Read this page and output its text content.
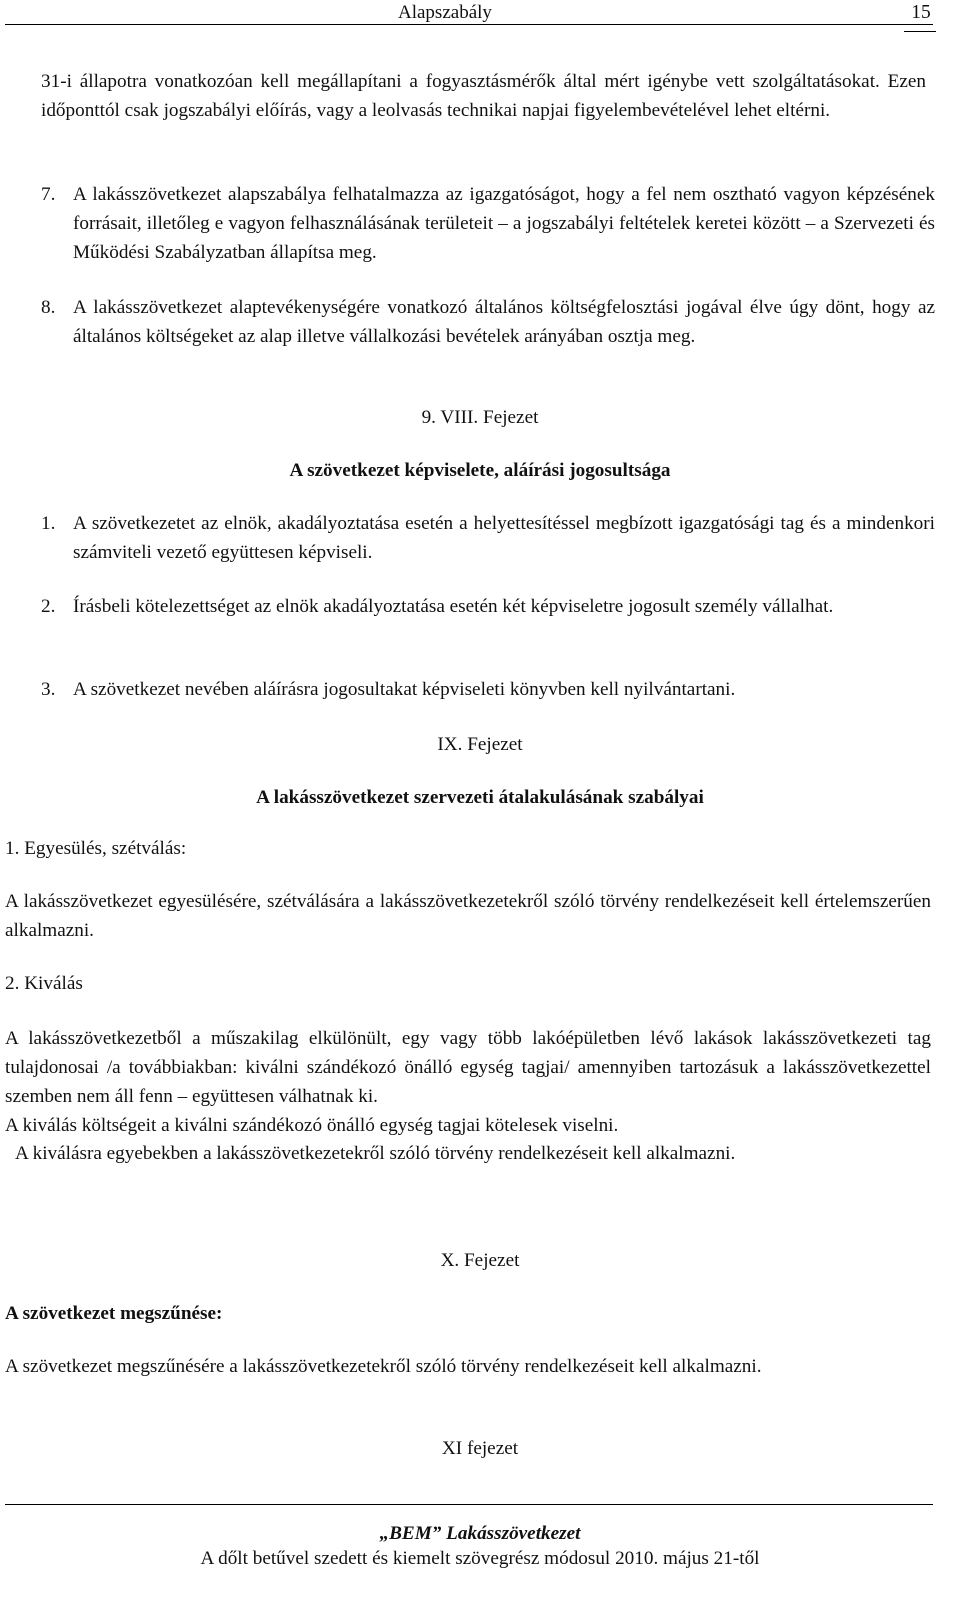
Alapszabály	15
31-i állapotra vonatkozóan kell megállapítani a fogyasztásmérők által mért igénybe vett szolgáltatásokat. Ezen időponttól csak jogszabályi előírás, vagy a leolvasás technikai napjai figyelembevételével lehet eltérni.
7. A lakásszövetkezet alapszabálya felhatalmazza az igazgatóságot, hogy a fel nem osztható vagyon képzésének forrásait, illetőleg e vagyon felhasználásának területeit – a jogszabályi feltételek keretei között – a Szervezeti és Működési Szabályzatban állapítsa meg.
8. A lakásszövetkezet alaptevékenységére vonatkozó általános költségfelosztási jogával élve úgy dönt, hogy az általános költségeket az alap illetve vállalkozási bevételek arányában osztja meg.
9. VIII. Fejezet
A szövetkezet képviselete, aláírási jogosultsága
1. A szövetkezetet az elnök, akadályoztatása esetén a helyettesítéssel megbízott igazgatósági tag és a mindenkori számviteli vezető együttesen képviseli.
2. Írásbeli kötelezettséget az elnök akadályoztatása esetén két képviseletre jogosult személy vállalhat.
3. A szövetkezet nevében aláírásra jogosultakat képviseleti könyvben kell nyilvántartani.
IX. Fejezet
A lakásszövetkezet szervezeti átalakulásának szabályai
1. Egyesülés, szétválás:
A lakásszövetkezet egyesülésére, szétválására a lakásszövetkezetekről szóló törvény rendelkezéseit kell értelemszerűen alkalmazni.
2. Kiválás
A lakásszövetkezetből a műszakilag elkülönült, egy vagy több lakóépületben lévő lakások lakásszövetkezeti tag tulajdonosai /a továbbiakban: kiválni szándékozó önálló egység tagjai/ amennyiben tartozásuk a lakásszövetkezettel szemben nem áll fenn – együttesen válhatnak ki.
A kiválás költségeit a kiválni szándékozó önálló egység tagjai kötelesek viselni.
A kiválásra egyebekben a lakásszövetkezetekről szóló törvény rendelkezéseit kell alkalmazni.
X. Fejezet
A szövetkezet megszűnése:
A szövetkezet megszűnésére a lakásszövetkezetekről szóló törvény rendelkezéseit kell alkalmazni.
XI fejezet
„BEM” Lakásszövetkezet
A dőlt betűvel szedett és kiemelt szövegrész módosul 2010. május 21-től
